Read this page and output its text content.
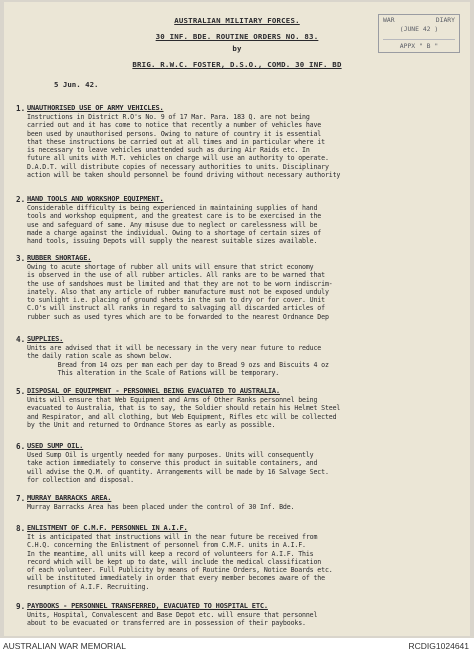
AUSTRALIAN MILITARY FORCES.
30 INF. BDE. ROUTINE ORDERS NO. 83.
by
BRIG. R.W.C. FOSTER, D.S.O., COMD. 30 INF. BD
WAR	DIARY
(JUNE 42 )
APPX " B "
5 Jun. 42.
1. UNAUTHORISED USE OF ARMY VEHICLES.
Instructions in District R.O's No. 9 of 17 Mar. Para. 183 Q. are not being
carried out and it has come to notice that recently a number of vehicles have
been used by unauthorised persons. Owing to nature of country it is essential
that these instructions be carried out at all times and in particular where it
is necessary to leave vehicles unattended such as during Air Raids etc. In
future all units with M.T. vehicles on charge will use an authority to operate.
D.A.D.T. will distribute copies of necessary authorities to units. Disciplinary
action will be taken should personnel be found driving without necessary authority
2. HAND TOOLS AND WORKSHOP EQUIPMENT.
Considerable difficulty is being experienced in maintaining supplies of hand
tools and workshop equipment, and the greatest care is to be exercised in the
use and safeguard of same. Any misuse due to neglect or carelessness will be
made a charge against the individual. Owing to a shortage of certain sizes of
hand tools, issuing Depots will supply the nearest suitable sizes available.
3. RUBBER SHORTAGE.
Owing to acute shortage of rubber all units will ensure that strict economy
is observed in the use of all rubber articles. All ranks are to be warned that
the use of sandshoes must be limited and that they are not to be worn indiscrim-
inately. Also that any article of rubber manufacture must not be exposed unduly
to sunlight i.e. placing of ground sheets in the sun to dry or for cover. Unit
C.O's will instruct all ranks in regard to salvaging all discarded articles of
rubber such as used tyres which are to be forwarded to the nearest Ordnance Dep
4. SUPPLIES.
Units are advised that it will be necessary in the very near future to reduce
the daily ration scale as shown below.
Bread from 14 ozs per man each per day to Bread 9 ozs and Biscuits 4 oz
This alteration in the Scale of Rations will be temporary.
5. DISPOSAL OF EQUIPMENT - PERSONNEL BEING EVACUATED TO AUSTRALIA.
Units will ensure that Web Equipment and Arms of Other Ranks personnel being
evacuated to Australia, that is to say, the Soldier should retain his Helmet Steel
and Respirator, and all clothing, but Web Equipment, Rifles etc will be collected
by the Unit and returned to Ordnance Stores as early as possible.
6. USED SUMP OIL.
Used Sump Oil is urgently needed for many purposes. Units will consequently
take action immediately to conserve this product in suitable containers, and
will advise the Q.M. of quantity. Arrangements will be made by 16 Salvage Sect.
for collection and disposal.
7. MURRAY BARRACKS AREA.
Murray Barracks Area has been placed under the control of 30 Inf. Bde.
8. ENLISTMENT OF C.M.F. PERSONNEL IN A.I.F.
It is anticipated that instructions will in the near future be received from
C.H.Q. concerning the Enlistment of personnel from C.M.F. units in A.I.F.
In the meantime, all units will keep a record of volunteers for A.I.F. This
record which will be kept up to date, will include the medical classification
of each volunteer. Full Publicity by means of Routine Orders, Notice Boards etc.
will be instituted immediately in order that every member becomes aware of the
resumption of A.I.F. Recruiting.
9. PAYBOOKS - PERSONNEL TRANSFERRED, EVACUATED TO HOSPITAL ETC.
Units, Hospital, Convalescent and Base Depot etc. will ensure that personnel
about to be evacuated or transferred are in possession of their paybooks.
AUSTRALIAN WAR MEMORIAL	RCDIG1024641
